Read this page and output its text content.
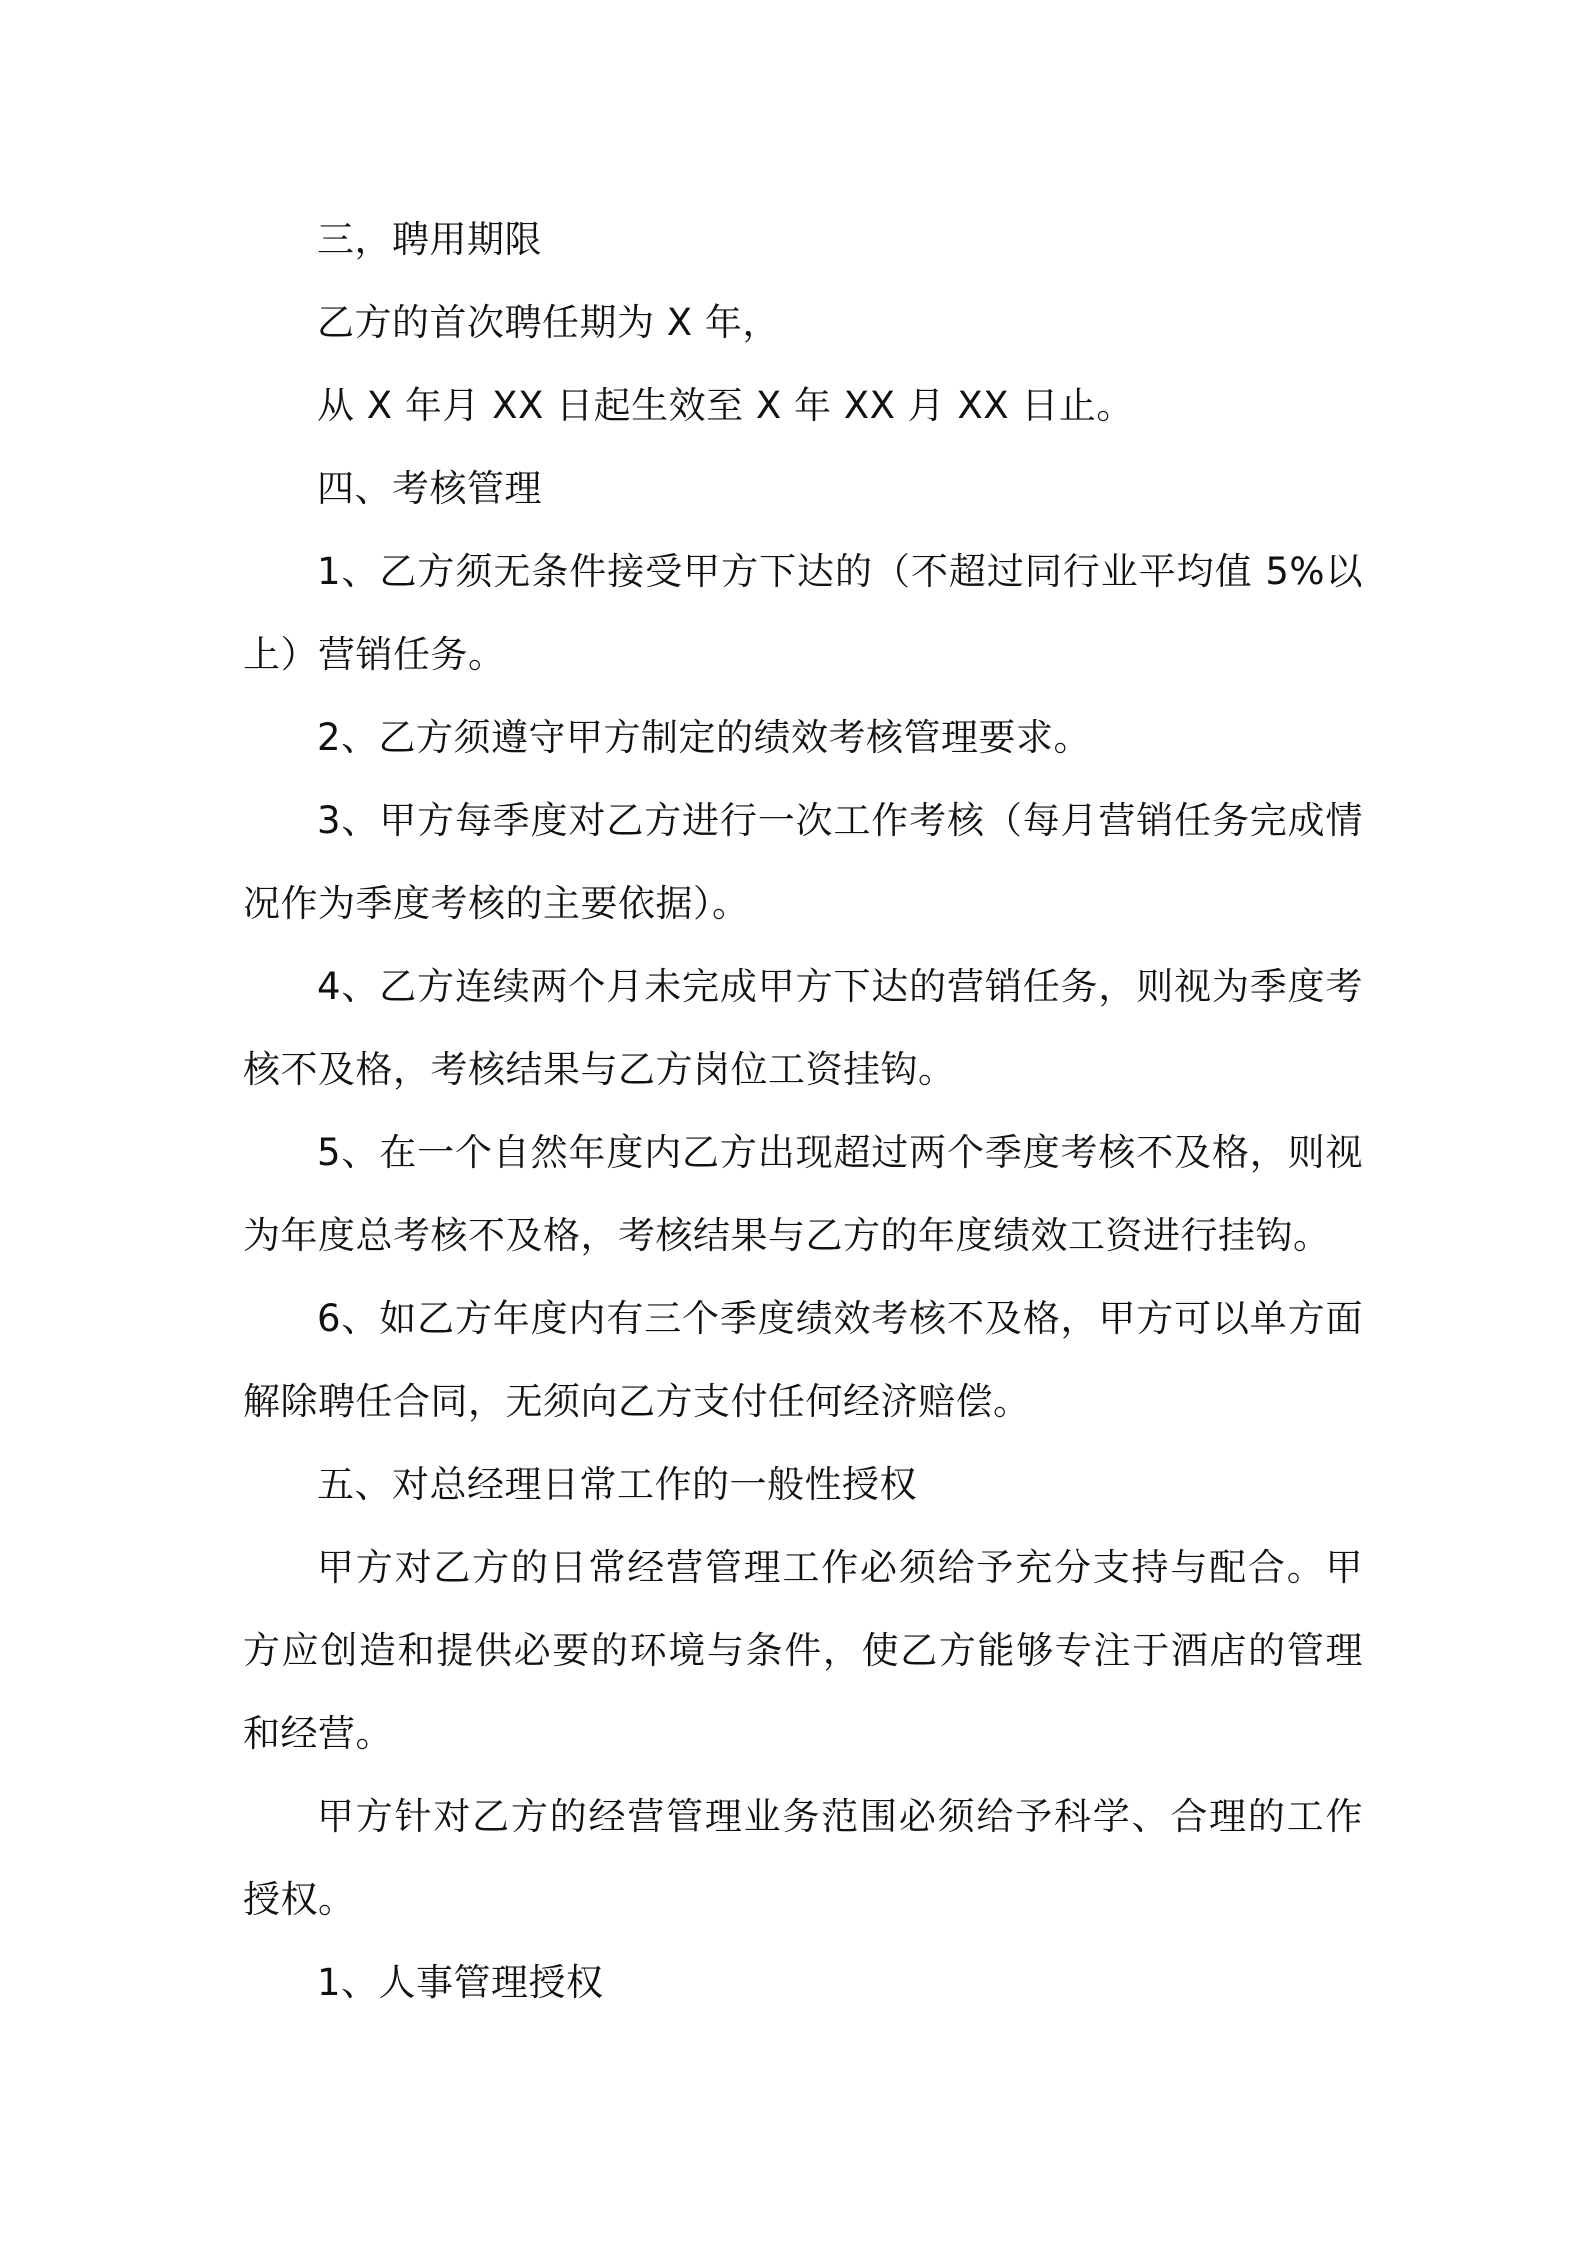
三，聘用期限

乙方的首次聘任期为 X 年，

从 X 年月 XX 日起生效至 X 年 XX 月 XX 日止。

四、考核管理

1、乙方须无条件接受甲方下达的（不超过同行业平均值 5%以上）营销任务。

2、乙方须遵守甲方制定的绩效考核管理要求。

3、甲方每季度对乙方进行一次工作考核（每月营销任务完成情况作为季度考核的主要依据）。

4、乙方连续两个月未完成甲方下达的营销任务，则视为季度考核不及格，考核结果与乙方岗位工资挂钩。

5、在一个自然年度内乙方出现超过两个季度考核不及格，则视为年度总考核不及格，考核结果与乙方的年度绩效工资进行挂钩。

6、如乙方年度内有三个季度绩效考核不及格，甲方可以单方面解除聘任合同，无须向乙方支付任何经济赔偿。

五、对总经理日常工作的一般性授权

甲方对乙方的日常经营管理工作必须给予充分支持与配合。甲方应创造和提供必要的环境与条件，使乙方能够专注于酒店的管理和经营。

甲方针对乙方的经营管理业务范围必须给予科学、合理的工作授权。

1、人事管理授权
